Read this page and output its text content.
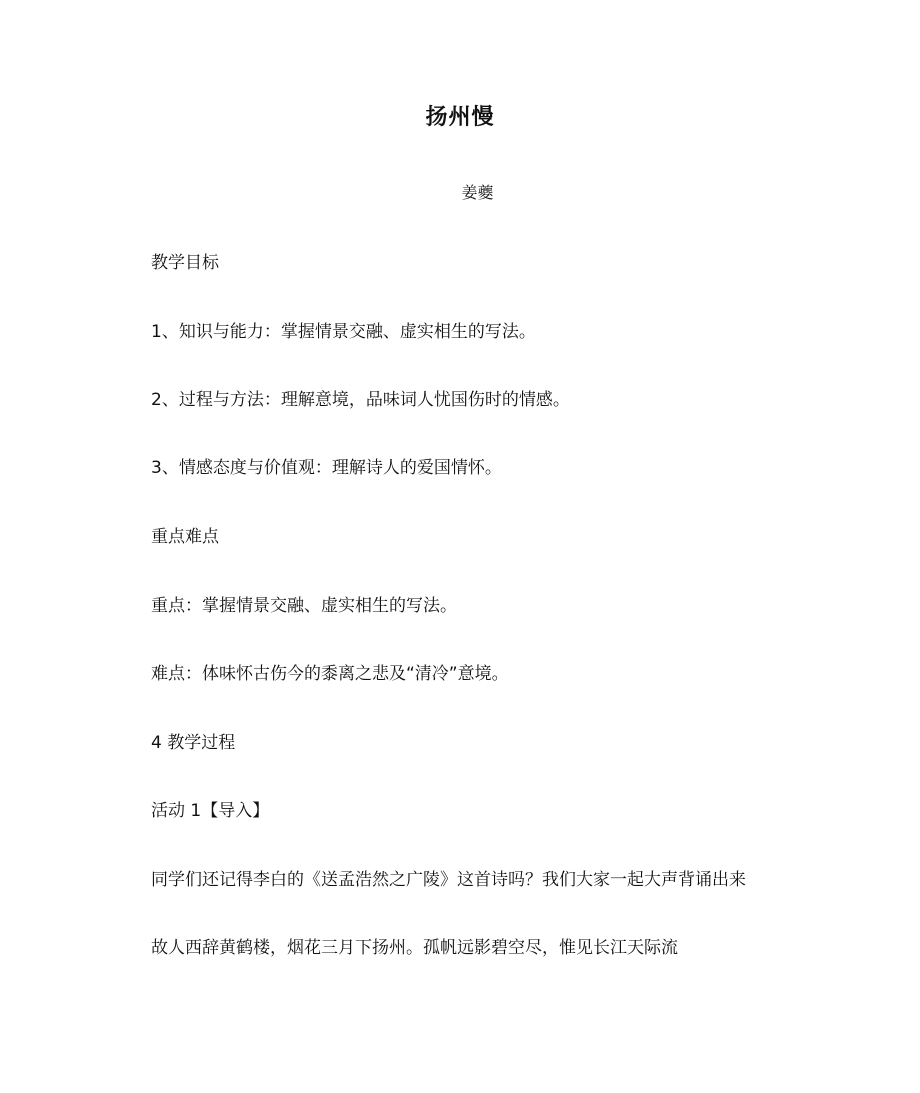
扬州慢
姜夔
教学目标
1、知识与能力：掌握情景交融、虚实相生的写法。
2、过程与方法：理解意境，品味词人忧国伤时的情感。
3、情感态度与价值观：理解诗人的爱国情怀。
重点难点
重点：掌握情景交融、虚实相生的写法。
难点：体味怀古伤今的黍离之悲及“清冷”意境。
4 教学过程
活动 1【导入】
同学们还记得李白的《送孟浩然之广陵》这首诗吗？我们大家一起大声背诵出来
故人西辞黄鹤楼，烟花三月下扬州。孤帆远影碧空尽，惟见长江天际流
